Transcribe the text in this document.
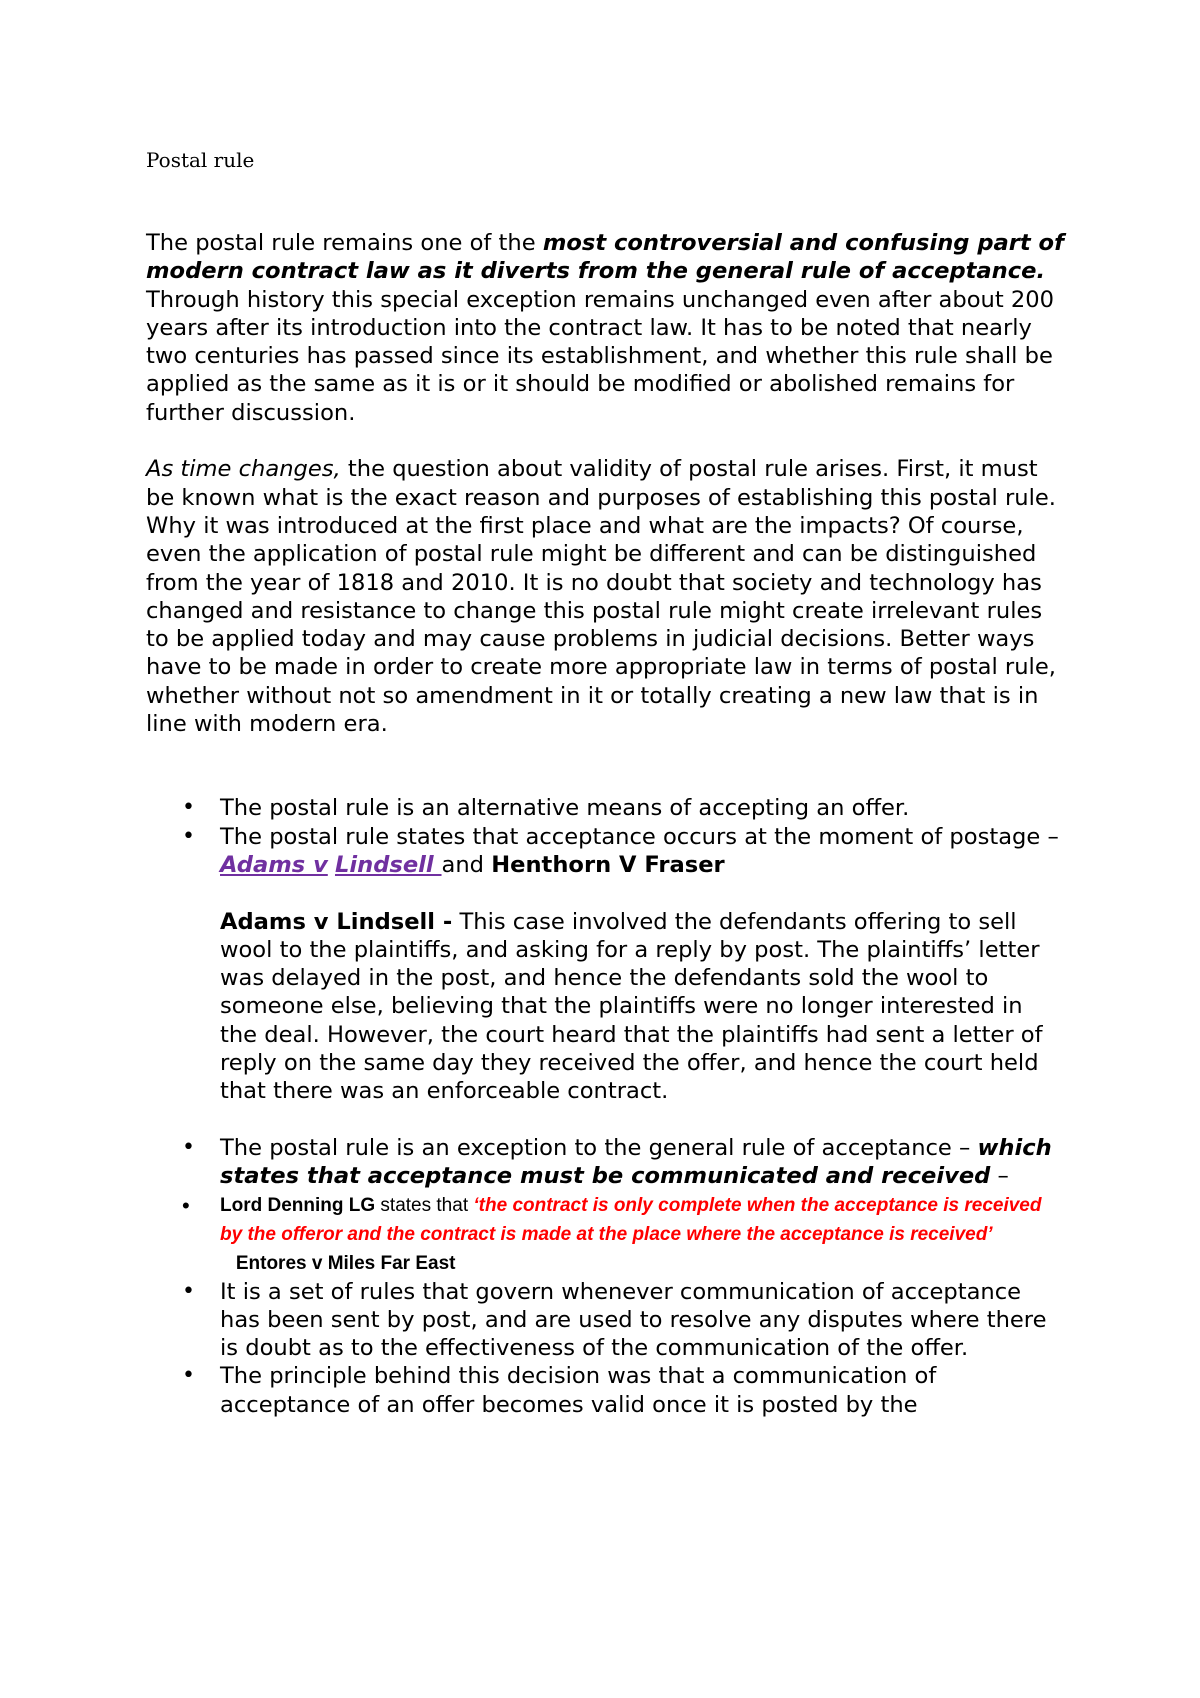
Postal rule

The postal rule remains one of the most controversial and confusing part of modern contract law as it diverts from the general rule of acceptance. Through history this special exception remains unchanged even after about 200 years after its introduction into the contract law. It has to be noted that nearly two centuries has passed since its establishment, and whether this rule shall be applied as the same as it is or it should be modified or abolished remains for further discussion.

As time changes, the question about validity of postal rule arises. First, it must be known what is the exact reason and purposes of establishing this postal rule. Why it was introduced at the first place and what are the impacts? Of course, even the application of postal rule might be different and can be distinguished from the year of 1818 and 2010. It is no doubt that society and technology has changed and resistance to change this postal rule might create irrelevant rules to be applied today and may cause problems in judicial decisions. Better ways have to be made in order to create more appropriate law in terms of postal rule, whether without not so amendment in it or totally creating a new law that is in line with modern era.

• The postal rule is an alternative means of accepting an offer.
• The postal rule states that acceptance occurs at the moment of postage – Adams v Lindsell and Henthorn V Fraser
Adams v Lindsell - This case involved the defendants offering to sell wool to the plaintiffs, and asking for a reply by post. The plaintiffs’ letter was delayed in the post, and hence the defendants sold the wool to someone else, believing that the plaintiffs were no longer interested in the deal. However, the court heard that the plaintiffs had sent a letter of reply on the same day they received the offer, and hence the court held that there was an enforceable contract.
• The postal rule is an exception to the general rule of acceptance – which states that acceptance must be communicated and received –
• Lord Denning LG states that ‘the contract is only complete when the acceptance is received by the offeror and the contract is made at the place where the acceptance is received’   Entores v Miles Far East
• It is a set of rules that govern whenever communication of acceptance has been sent by post, and are used to resolve any disputes where there is doubt as to the effectiveness of the communication of the offer.
• The principle behind this decision was that a communication of acceptance of an offer becomes valid once it is posted by the
